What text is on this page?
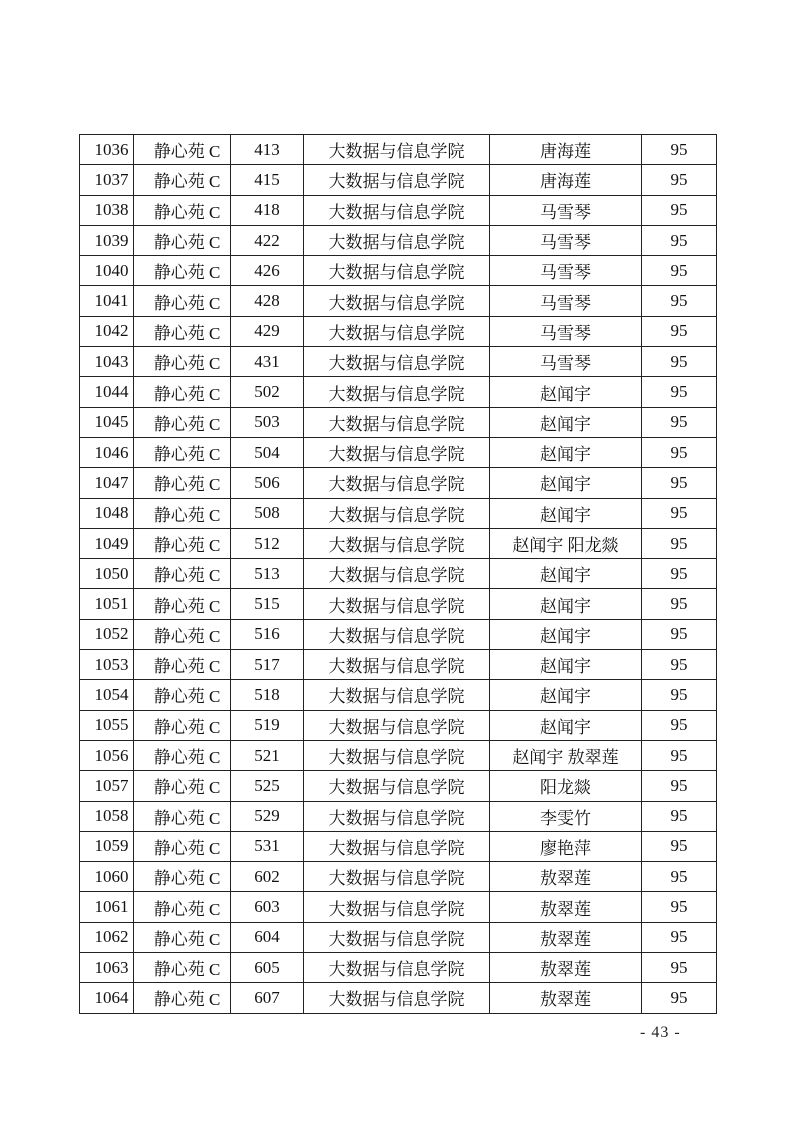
1036	静心苑 C	413	大数据与信息学院	唐海莲	95
1037	静心苑 C	415	大数据与信息学院	唐海莲	95
1038	静心苑 C	418	大数据与信息学院	马雪琴	95
1039	静心苑 C	422	大数据与信息学院	马雪琴	95
1040	静心苑 C	426	大数据与信息学院	马雪琴	95
1041	静心苑 C	428	大数据与信息学院	马雪琴	95
1042	静心苑 C	429	大数据与信息学院	马雪琴	95
1043	静心苑 C	431	大数据与信息学院	马雪琴	95
1044	静心苑 C	502	大数据与信息学院	赵闻宇	95
1045	静心苑 C	503	大数据与信息学院	赵闻宇	95
1046	静心苑 C	504	大数据与信息学院	赵闻宇	95
1047	静心苑 C	506	大数据与信息学院	赵闻宇	95
1048	静心苑 C	508	大数据与信息学院	赵闻宇	95
1049	静心苑 C	512	大数据与信息学院	赵闻宇 阳龙燚	95
1050	静心苑 C	513	大数据与信息学院	赵闻宇	95
1051	静心苑 C	515	大数据与信息学院	赵闻宇	95
1052	静心苑 C	516	大数据与信息学院	赵闻宇	95
1053	静心苑 C	517	大数据与信息学院	赵闻宇	95
1054	静心苑 C	518	大数据与信息学院	赵闻宇	95
1055	静心苑 C	519	大数据与信息学院	赵闻宇	95
1056	静心苑 C	521	大数据与信息学院	赵闻宇 敖翠莲	95
1057	静心苑 C	525	大数据与信息学院	阳龙燚	95
1058	静心苑 C	529	大数据与信息学院	李雯竹	95
1059	静心苑 C	531	大数据与信息学院	廖艳萍	95
1060	静心苑 C	602	大数据与信息学院	敖翠莲	95
1061	静心苑 C	603	大数据与信息学院	敖翠莲	95
1062	静心苑 C	604	大数据与信息学院	敖翠莲	95
1063	静心苑 C	605	大数据与信息学院	敖翠莲	95
1064	静心苑 C	607	大数据与信息学院	敖翠莲	95
- 43 -
